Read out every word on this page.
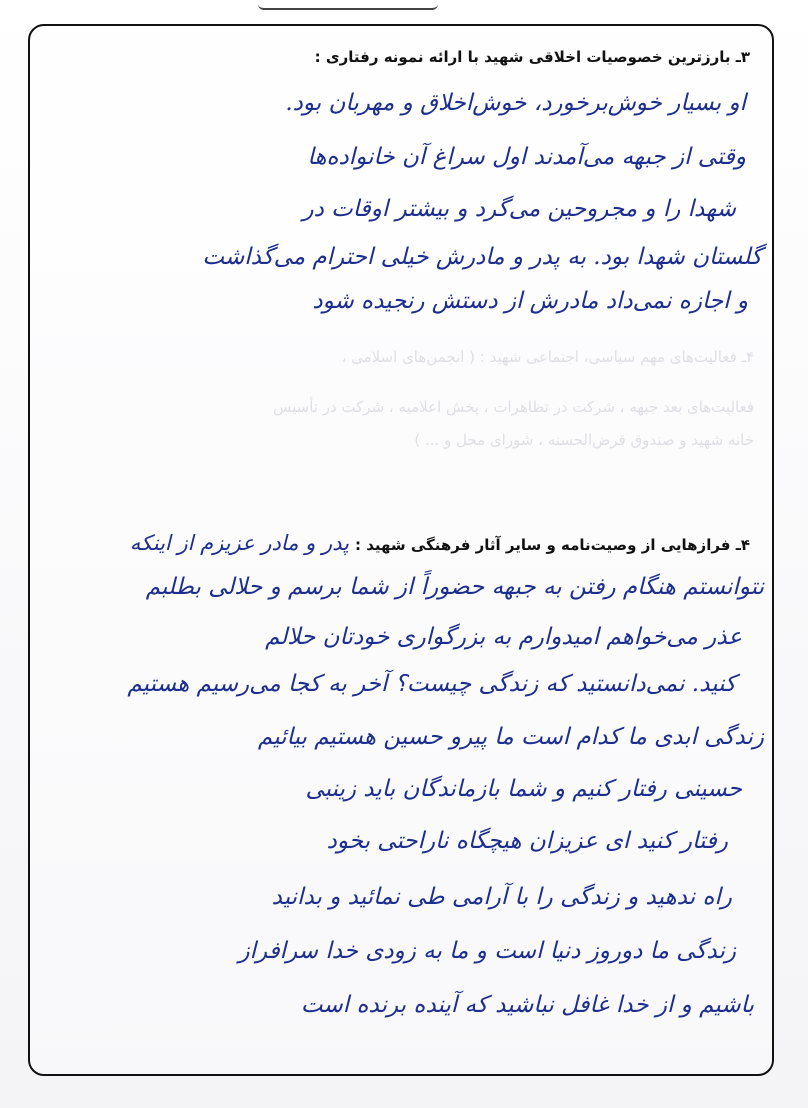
۴ـ فعالیت‌های مهم سیاسی، اجتماعی شهید : ( انجمن‌های اسلامی ،
فعالیت‌های بعد جبهه ، شرکت در تظاهرات ، پخش اعلامیه ، شرکت در تأسیس
خانه شهید و صندوق قرض‌الحسنه ، شورای محل و ... )
۳ـ بارزترین خصوصیات اخلاقی شهید با ارائه نمونه رفتاری :
او بسیار خوش‌برخورد، خوش‌اخلاق و مهربان بود.
وقتی از جبهه می‌آمدند اول سراغ آن خانواده‌ها
شهدا را و مجروحین می‌گرد و بیشتر اوقات در
گلستان شهدا بود. به پدر و مادرش خیلی احترام می‌گذاشت
و اجازه نمی‌داد مادرش از دستش رنجیده شود
۴ـ فرازهایی از وصیت‌نامه و سایر آثار فرهنگی شهید :
پدر و مادر عزیزم از اینکه
نتوانستم هنگام رفتن به جبهه حضوراً از شما برسم و حلالی بطلبم
عذر می‌خواهم امیدوارم به بزرگواری خودتان حلالم
کنید. نمی‌دانستید که زندگی چیست؟ آخر به کجا می‌رسیم هستیم
زندگی ابدی ما کدام است ما پیرو حسین هستیم بیائیم
حسینی رفتار کنیم و شما بازماندگان باید زینبی
رفتار کنید ای عزیزان هیچگاه ناراحتی بخود
راه ندهید و زندگی را با آرامی طی نمائید و بدانید
زندگی ما دوروز دنیا است و ما به زودی خدا سرافراز
باشیم و از خدا غافل نباشید که آینده برنده است
